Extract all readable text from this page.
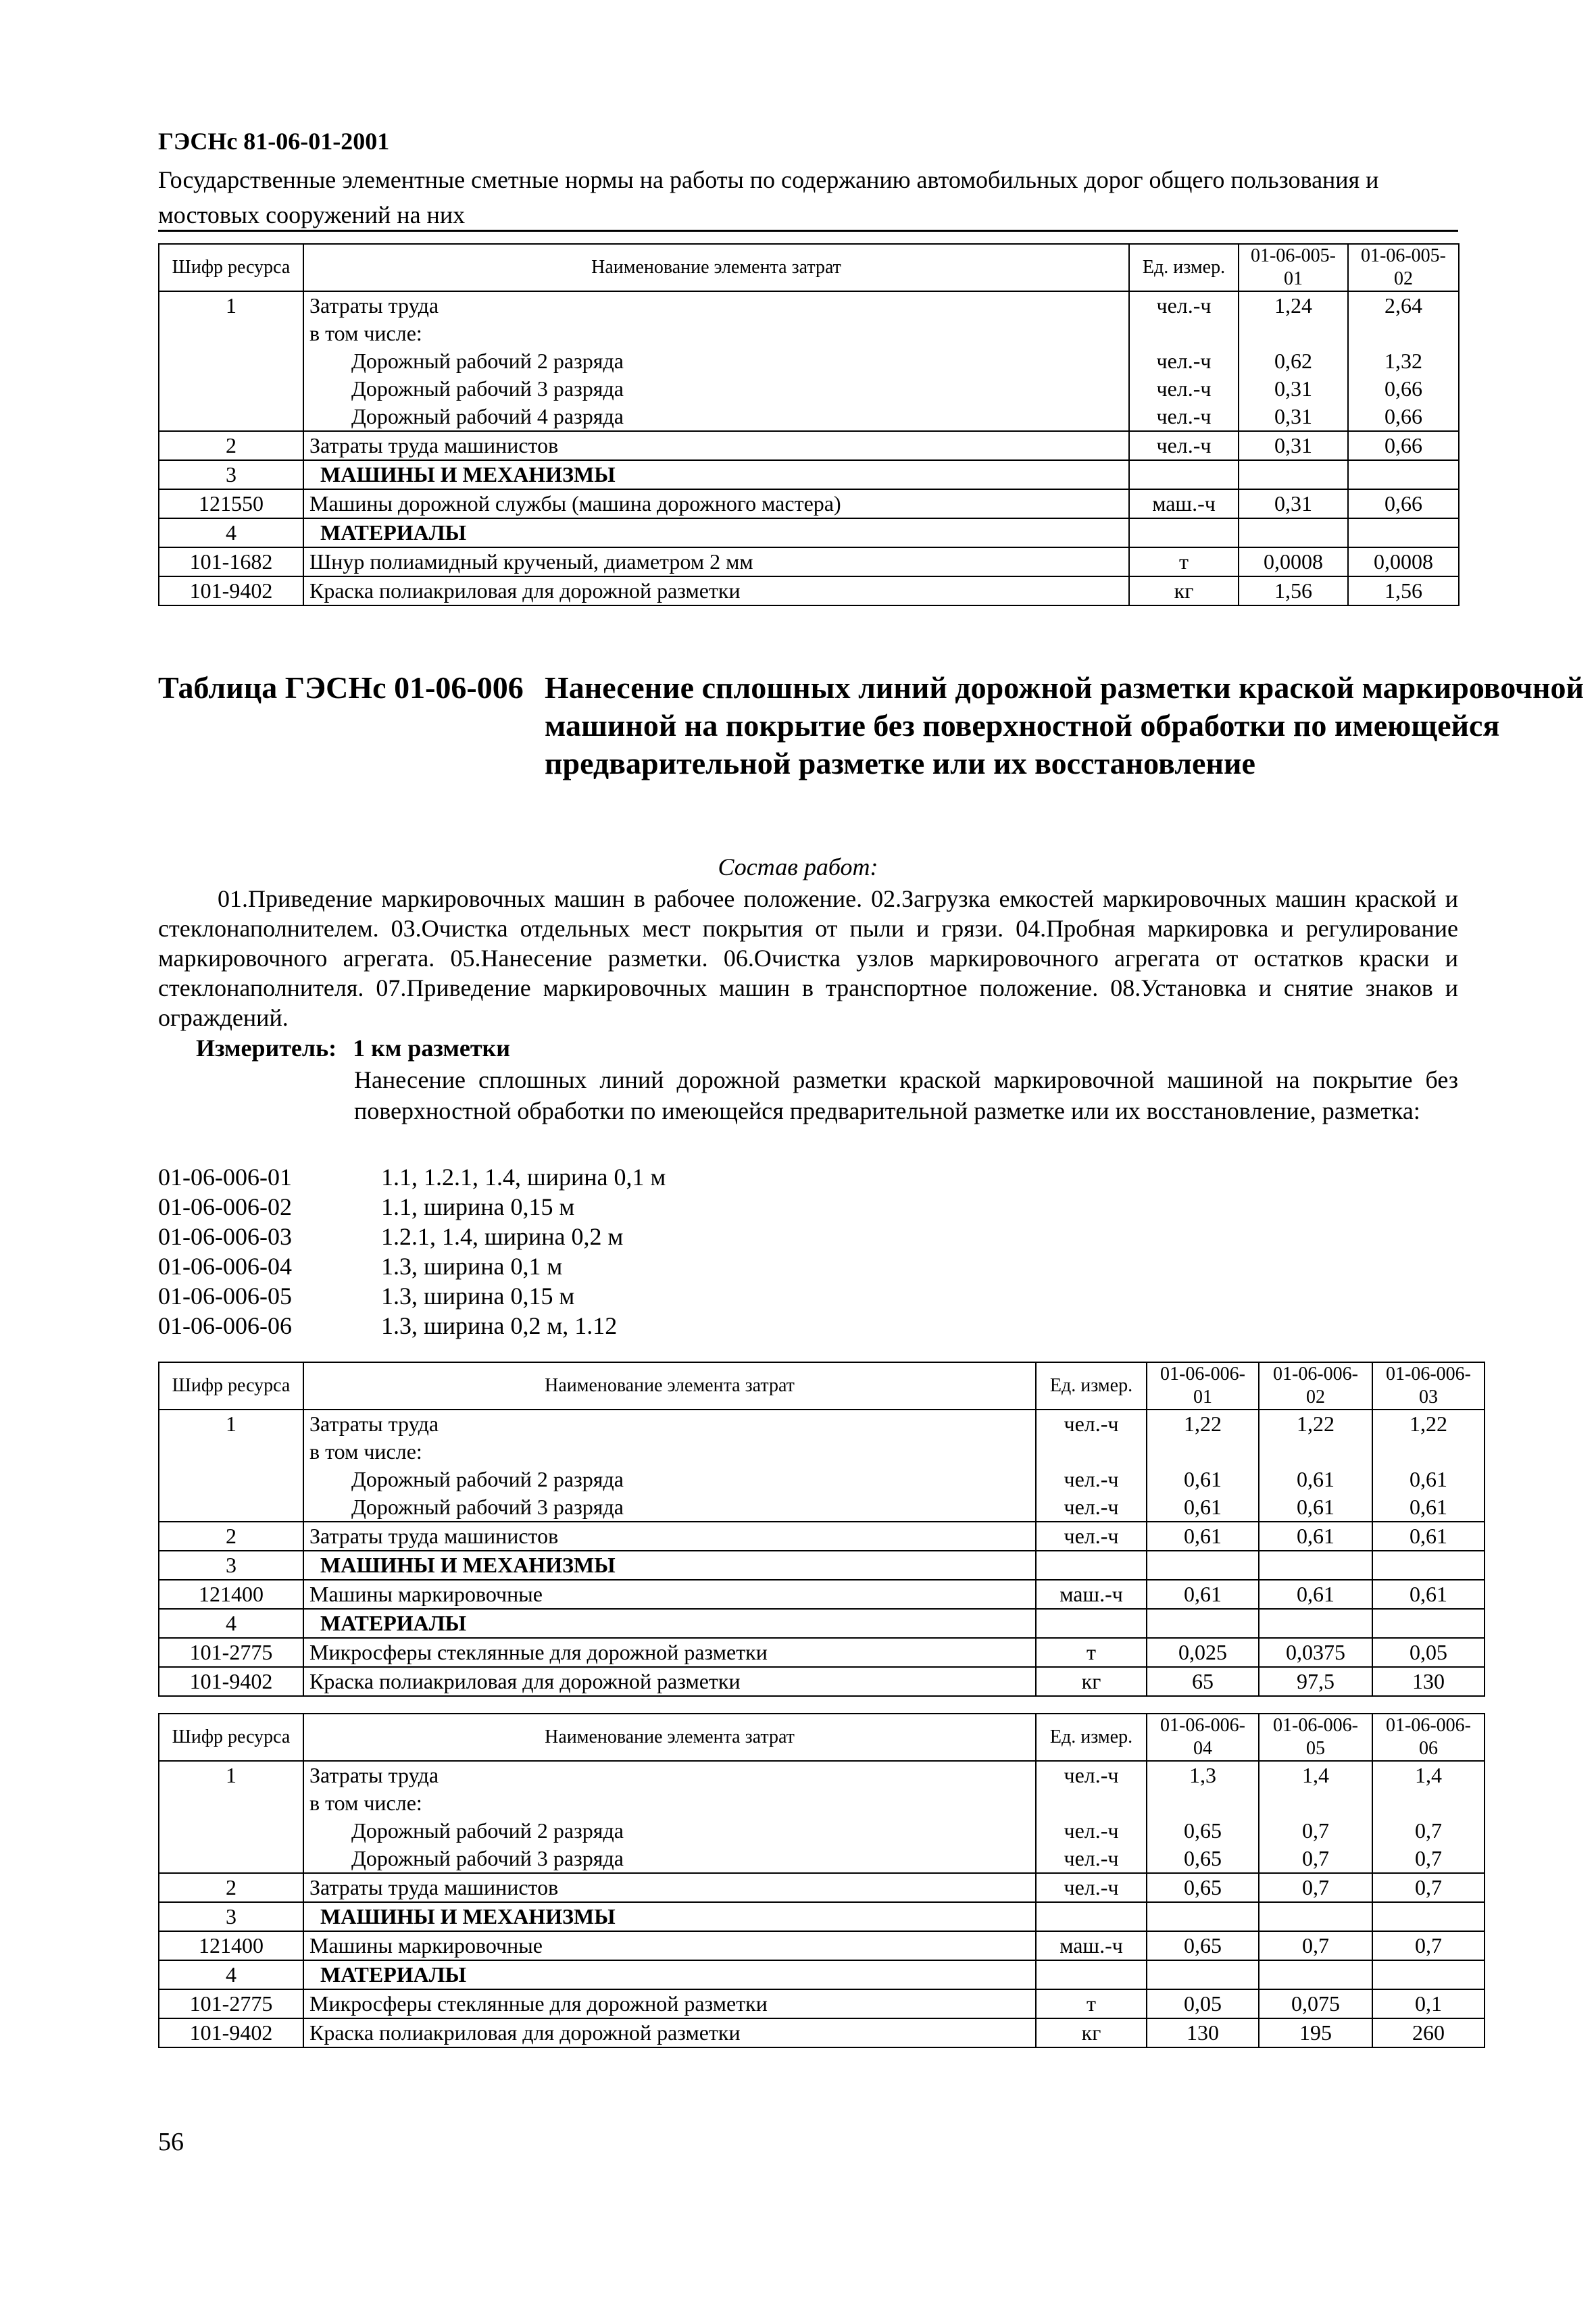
ГЭСНс 81-06-01-2001
Государственные элементные сметные нормы на работы по содержанию автомобильных дорог общего пользования и мостовых сооружений на них
Шифр ресурса	Наименование элемента затрат	Ед. измер.	01-06-005-01	01-06-005-02
1	Затраты труда	чел.-ч	1,24	2,64
	в том числе:			
	Дорожный рабочий 2 разряда	чел.-ч	0,62	1,32
	Дорожный рабочий 3 разряда	чел.-ч	0,31	0,66
	Дорожный рабочий 4 разряда	чел.-ч	0,31	0,66
2	Затраты труда машинистов	чел.-ч	0,31	0,66
3	МАШИНЫ И МЕХАНИЗМЫ			
121550	Машины дорожной службы (машина дорожного мастера)	маш.-ч	0,31	0,66
4	МАТЕРИАЛЫ			
101-1682	Шнур полиамидный крученый, диаметром 2 мм	т	0,0008	0,0008
101-9402	Краска полиакриловая для дорожной разметки	кг	1,56	1,56
Таблица ГЭСНс 01-06-006 Нанесение сплошных линий дорожной разметки краской маркировочной машиной на покрытие без поверхностной обработки по имеющейся предварительной разметке или их восстановление
Состав работ:
01.Приведение маркировочных машин в рабочее положение. 02.Загрузка емкостей маркировочных машин краской и стеклонаполнителем. 03.Очистка отдельных мест покрытия от пыли и грязи. 04.Пробная маркировка и регулирование маркировочного агрегата. 05.Нанесение разметки. 06.Очистка узлов маркировочного агрегата от остатков краски и стеклонаполнителя. 07.Приведение маркировочных машин в транспортное положение. 08.Установка и снятие знаков и ограждений.
Измеритель: 1 км разметки
Нанесение сплошных линий дорожной разметки краской маркировочной машиной на покрытие без поверхностной обработки по имеющейся предварительной разметке или их восстановление, разметка:
01-06-006-01	1.1, 1.2.1, 1.4, ширина 0,1 м
01-06-006-02	1.1, ширина 0,15 м
01-06-006-03	1.2.1, 1.4, ширина 0,2 м
01-06-006-04	1.3, ширина 0,1 м
01-06-006-05	1.3, ширина 0,15 м
01-06-006-06	1.3, ширина 0,2 м, 1.12
Шифр ресурса	Наименование элемента затрат	Ед. измер.	01-06-006-01	01-06-006-02	01-06-006-03
1	Затраты труда	чел.-ч	1,22	1,22	1,22
	в том числе:				
	Дорожный рабочий 2 разряда	чел.-ч	0,61	0,61	0,61
	Дорожный рабочий 3 разряда	чел.-ч	0,61	0,61	0,61
2	Затраты труда машинистов	чел.-ч	0,61	0,61	0,61
3	МАШИНЫ И МЕХАНИЗМЫ				
121400	Машины маркировочные	маш.-ч	0,61	0,61	0,61
4	МАТЕРИАЛЫ				
101-2775	Микросферы стеклянные для дорожной разметки	т	0,025	0,0375	0,05
101-9402	Краска полиакриловая для дорожной разметки	кг	65	97,5	130
Шифр ресурса	Наименование элемента затрат	Ед. измер.	01-06-006-04	01-06-006-05	01-06-006-06
1	Затраты труда	чел.-ч	1,3	1,4	1,4
	в том числе:				
	Дорожный рабочий 2 разряда	чел.-ч	0,65	0,7	0,7
	Дорожный рабочий 3 разряда	чел.-ч	0,65	0,7	0,7
2	Затраты труда машинистов	чел.-ч	0,65	0,7	0,7
3	МАШИНЫ И МЕХАНИЗМЫ				
121400	Машины маркировочные	маш.-ч	0,65	0,7	0,7
4	МАТЕРИАЛЫ				
101-2775	Микросферы стеклянные для дорожной разметки	т	0,05	0,075	0,1
101-9402	Краска полиакриловая для дорожной разметки	кг	130	195	260
56
